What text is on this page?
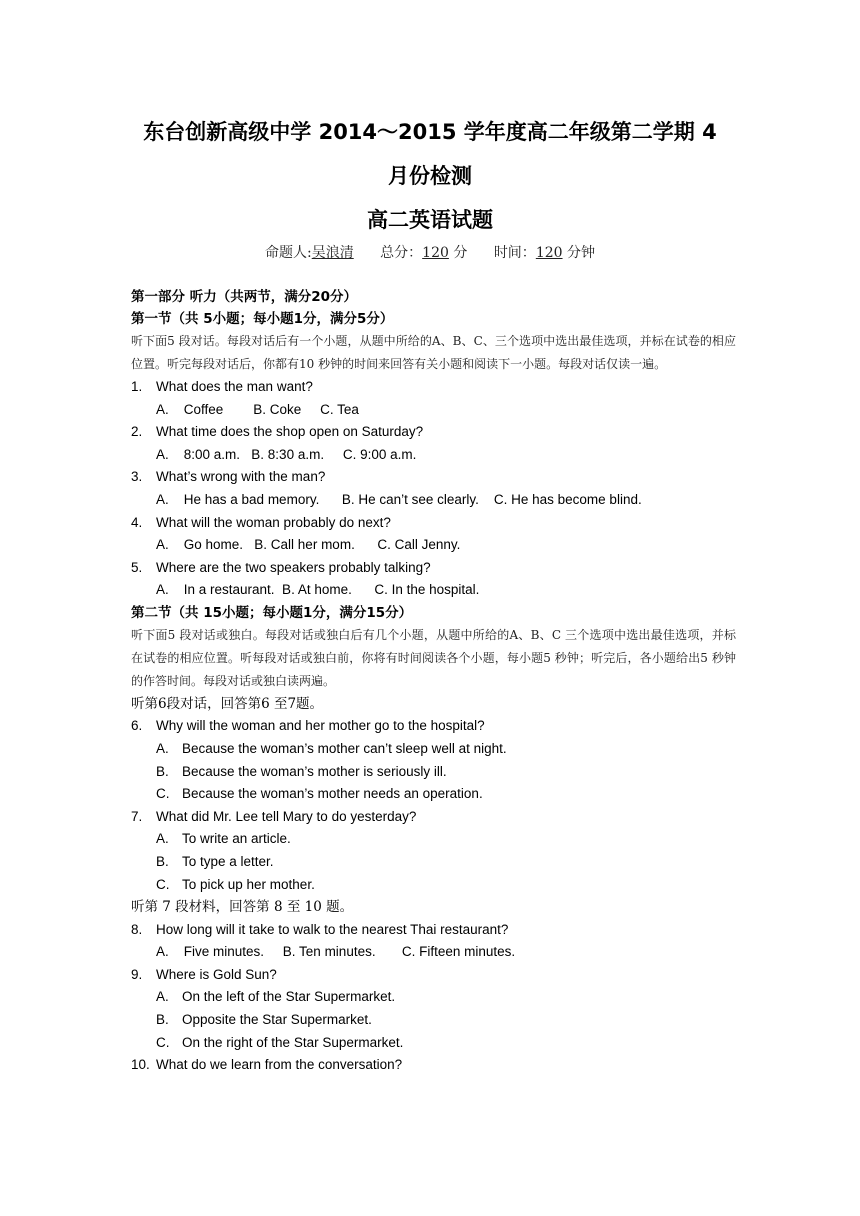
东台创新高级中学 2014～2015 学年度高二年级第二学期 4
月份检测
高二英语试题
命题人:吴浪清 总分：120 分 时间：120 分钟
第一部分 听力（共两节，满分20分）
第一节（共 5小题；每小题1分，满分5分）
听下面5 段对话。每段对话后有一个小题，从题中所给的A、B、C、三个选项中选出最佳选项，并标在试卷的相应位置。听完每段对话后，你都有10 秒钟的时间来回答有关小题和阅读下一小题。每段对话仅读一遍。
1. What does the man want?
A.    Coffee        B. Coke     C. Tea
2. What time does the shop open on Saturday?
A.    8:00 a.m.   B. 8:30 a.m.     C. 9:00 a.m.
3. What’s wrong with the man?
A.    He has a bad memory.      B. He can’t see clearly.    C. He has become blind.
4. What will the woman probably do next?
A.    Go home.   B. Call her mom.      C. Call Jenny.
5. Where are the two speakers probably talking?
A.    In a restaurant.  B. At home.      C. In the hospital.
第二节（共 15小题；每小题1分，满分15分）
听下面5 段对话或独白。每段对话或独白后有几个小题，从题中所给的A、B、C 三个选项中选出最佳选项，并标在试卷的相应位置。听每段对话或独白前，你将有时间阅读各个小题，每小题5 秒钟；听完后，各小题给出5 秒钟的作答时间。每段对话或独白读两遍。
听第6段对话，回答第6 至7题。
6. Why will the woman and her mother go to the hospital?
A. Because the woman’s mother can’t sleep well at night.
B. Because the woman’s mother is seriously ill.
C. Because the woman’s mother needs an operation.
7. What did Mr. Lee tell Mary to do yesterday?
A. To write an article.
B. To type a letter.
C. To pick up her mother.
听第 7 段材料，回答第 8 至 10 题。
8. How long will it take to walk to the nearest Thai restaurant?
A.    Five minutes.     B. Ten minutes.       C. Fifteen minutes.
9. Where is Gold Sun?
A. On the left of the Star Supermarket.
B. Opposite the Star Supermarket.
C. On the right of the Star Supermarket.
10. What do we learn from the conversation?
